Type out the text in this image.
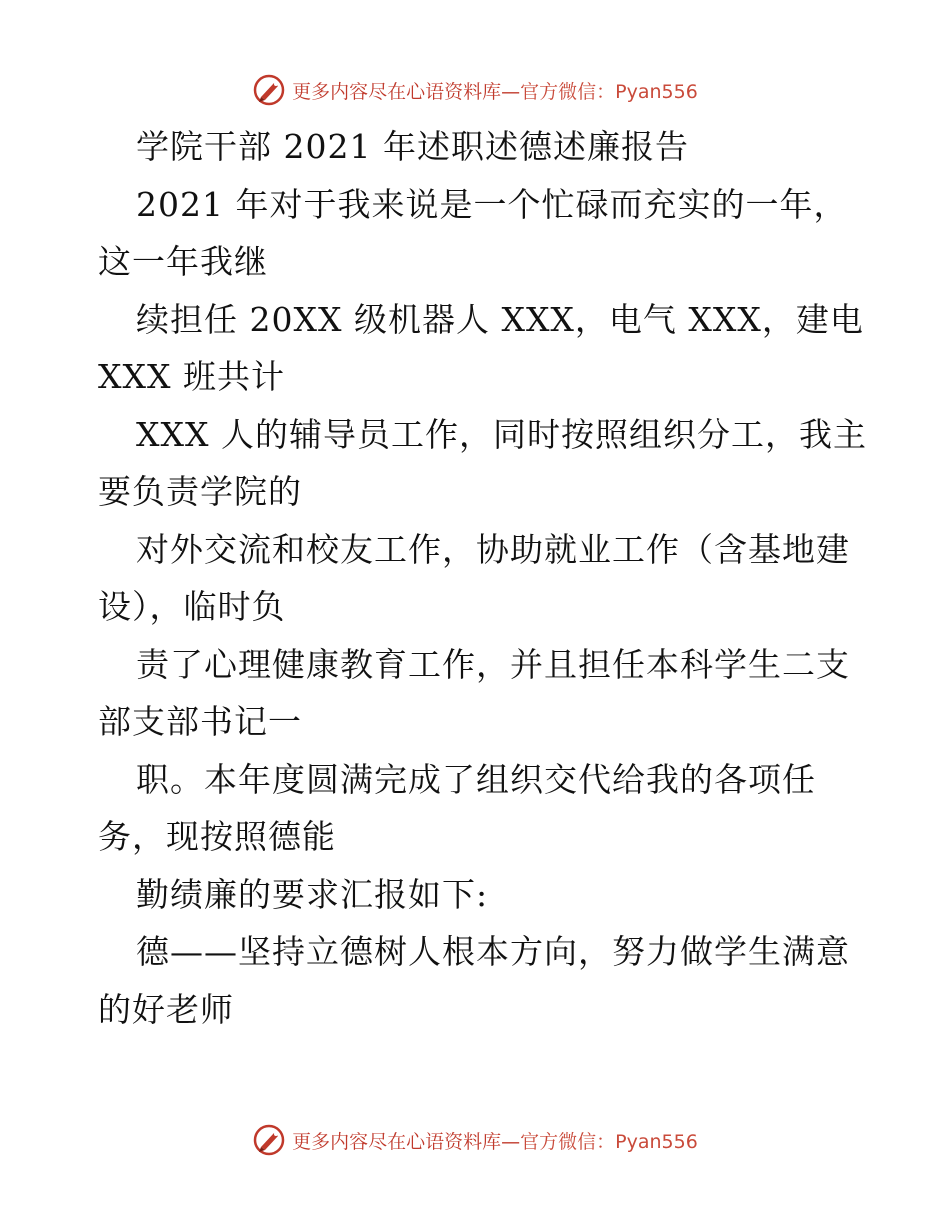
更多内容尽在心语资料库—官方微信：Pyan556
学院干部 2021 年述职述德述廉报告
2021 年对于我来说是一个忙碌而充实的一年，
这一年我继
续担任 20XX 级机器人 XXX，电气 XXX，建电
XXX 班共计
XXX 人的辅导员工作，同时按照组织分工，我主
要负责学院的
对外交流和校友工作，协助就业工作（含基地建
设），临时负
责了心理健康教育工作，并且担任本科学生二支
部支部书记一
职。本年度圆满完成了组织交代给我的各项任
务，现按照德能
勤绩廉的要求汇报如下:
德——坚持立德树人根本方向，努力做学生满意
的好老师
更多内容尽在心语资料库—官方微信：Pyan556
